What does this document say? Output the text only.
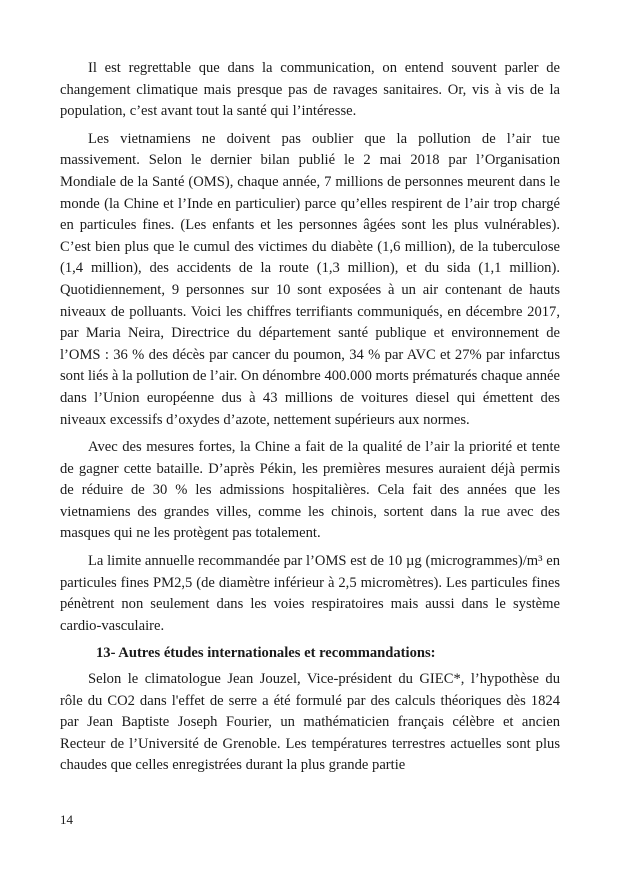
Il est regrettable que dans la communication, on entend souvent parler de changement climatique mais presque pas de ravages sanitaires. Or, vis à vis de la population, c’est avant tout la santé qui l’intéresse.

Les vietnamiens ne doivent pas oublier que la pollution de l’air tue massivement. Selon le dernier bilan publié le 2 mai 2018 par l’Organisation Mondiale de la Santé (OMS), chaque année, 7 millions de personnes meurent dans le monde (la Chine et l’Inde en particulier) parce qu’elles respirent de l’air trop chargé en particules fines. (Les enfants et les personnes âgées sont les plus vulnérables). C’est bien plus que le cumul des victimes du diabète (1,6 million), de la tuberculose (1,4 million), des accidents de la route (1,3 million), et du sida (1,1 million). Quotidiennement, 9 personnes sur 10 sont exposées à un air contenant de hauts niveaux de polluants. Voici les chiffres terrifiants communiqués, en décembre 2017, par Maria Neira, Directrice du département santé publique et environnement de l’OMS : 36 % des décès par cancer du poumon, 34 % par AVC et 27% par infarctus sont liés à la pollution de l’air. On dénombre 400.000 morts prématurés chaque année dans l’Union européenne dus à 43 millions de voitures diesel qui émettent des niveaux excessifs d’oxydes d’azote, nettement supérieurs aux normes.

Avec des mesures fortes, la Chine a fait de la qualité de l’air la priorité et tente de gagner cette bataille. D’après Pékin, les premières mesures auraient déjà permis de réduire de 30 % les admissions hospitalières. Cela fait des années que les vietnamiens des grandes villes, comme les chinois, sortent dans la rue avec des masques qui ne les protègent pas totalement.

La limite annuelle recommandée par l’OMS est de 10 µg (microgrammes)/m³ en particules fines PM2,5 (de diamètre inférieur à 2,5 micromètres). Les particules fines pénètrent non seulement dans les voies respiratoires mais aussi dans le système cardio-vasculaire.

13- Autres études internationales et recommandations:

Selon le climatologue Jean Jouzel, Vice-président du GIEC*, l’hypothèse du rôle du CO2 dans l'effet de serre a été formulé par des calculs théoriques dès 1824 par Jean Baptiste Joseph Fourier, un mathématicien français célèbre et ancien Recteur de l’Université de Grenoble. Les températures terrestres actuelles sont plus chaudes que celles enregistrées durant la plus grande partie

14
